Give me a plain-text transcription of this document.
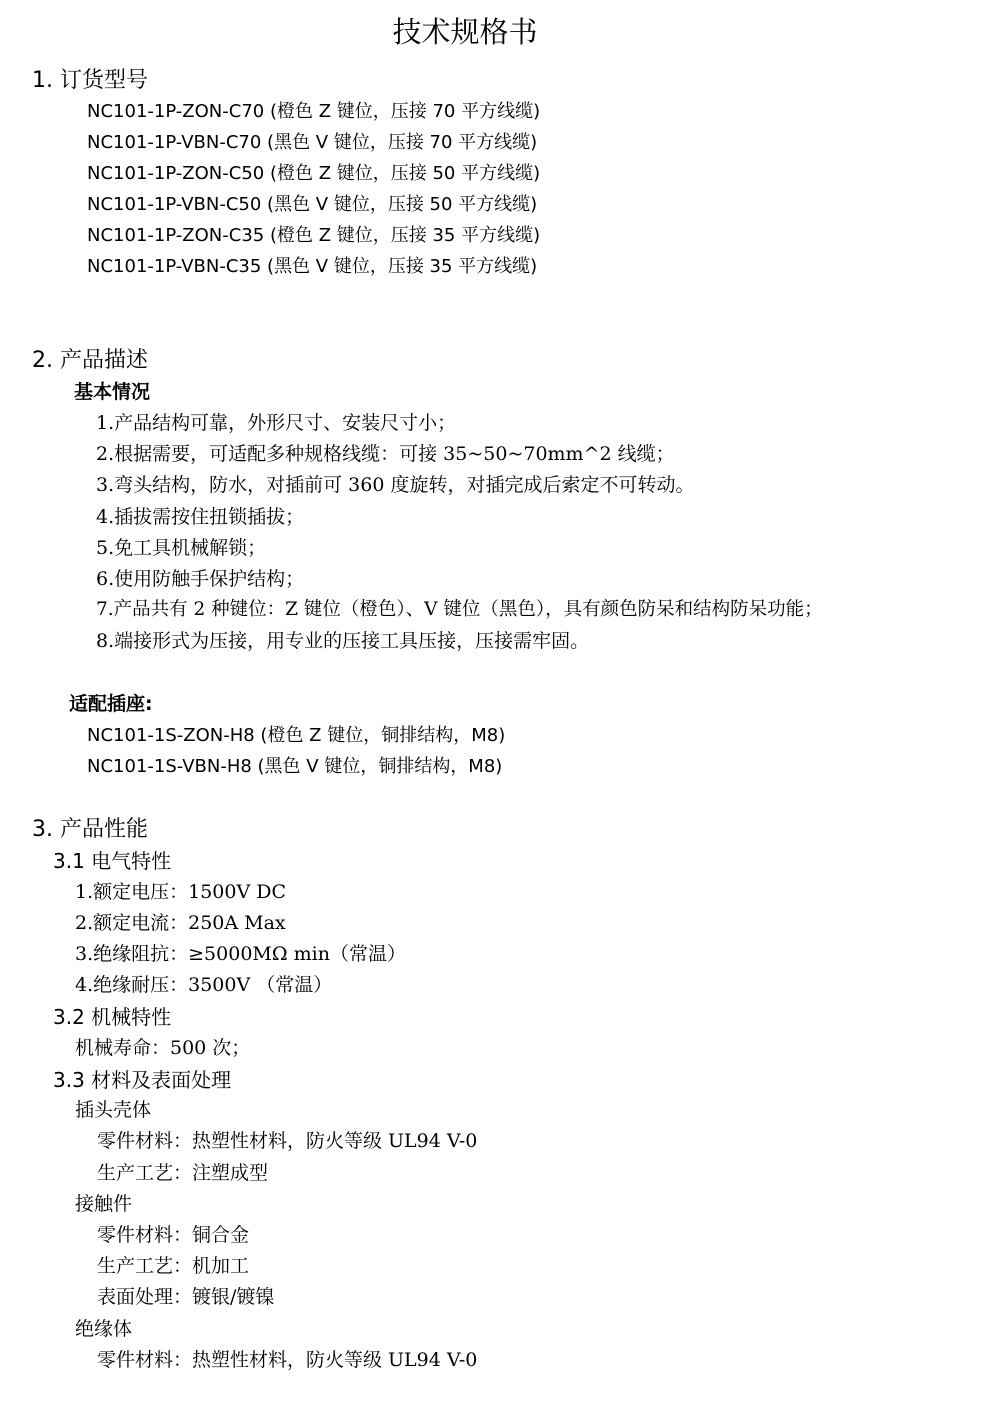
技术规格书
1. 订货型号
NC101-1P-ZON-C70 (橙色 Z 键位，压接 70 平方线缆)
NC101-1P-VBN-C70 (黑色 V 键位，压接 70 平方线缆)
NC101-1P-ZON-C50 (橙色 Z 键位，压接 50 平方线缆)
NC101-1P-VBN-C50 (黑色 V 键位，压接 50 平方线缆)
NC101-1P-ZON-C35 (橙色 Z 键位，压接 35 平方线缆)
NC101-1P-VBN-C35 (黑色 V 键位，压接 35 平方线缆)
2. 产品描述
基本情况
1.产品结构可靠，外形尺寸、安装尺寸小；
2.根据需要，可适配多种规格线缆：可接 35~50~70mm^2 线缆；
3.弯头结构，防水，对插前可 360 度旋转，对插完成后索定不可转动。
4.插拔需按住扭锁插拔；
5.免工具机械解锁；
6.使用防触手保护结构；
7.产品共有 2 种键位：Z 键位（橙色）、V 键位（黑色），具有颜色防呆和结构防呆功能；
8.端接形式为压接，用专业的压接工具压接，压接需牢固。
适配插座:
NC101-1S-ZON-H8 (橙色 Z 键位，铜排结构，M8)
NC101-1S-VBN-H8 (黑色 V 键位，铜排结构，M8)
3. 产品性能
3.1 电气特性
1.额定电压：1500V DC
2.额定电流：250A Max
3.绝缘阻抗：≥5000MΩ min（常温）
4.绝缘耐压：3500V （常温）
3.2 机械特性
机械寿命：500 次；
3.3 材料及表面处理
插头壳体
零件材料：热塑性材料，防火等级 UL94 V-0
生产工艺：注塑成型
接触件
零件材料：铜合金
生产工艺：机加工
表面处理：镀银/镀镍
绝缘体
零件材料：热塑性材料，防火等级 UL94 V-0
